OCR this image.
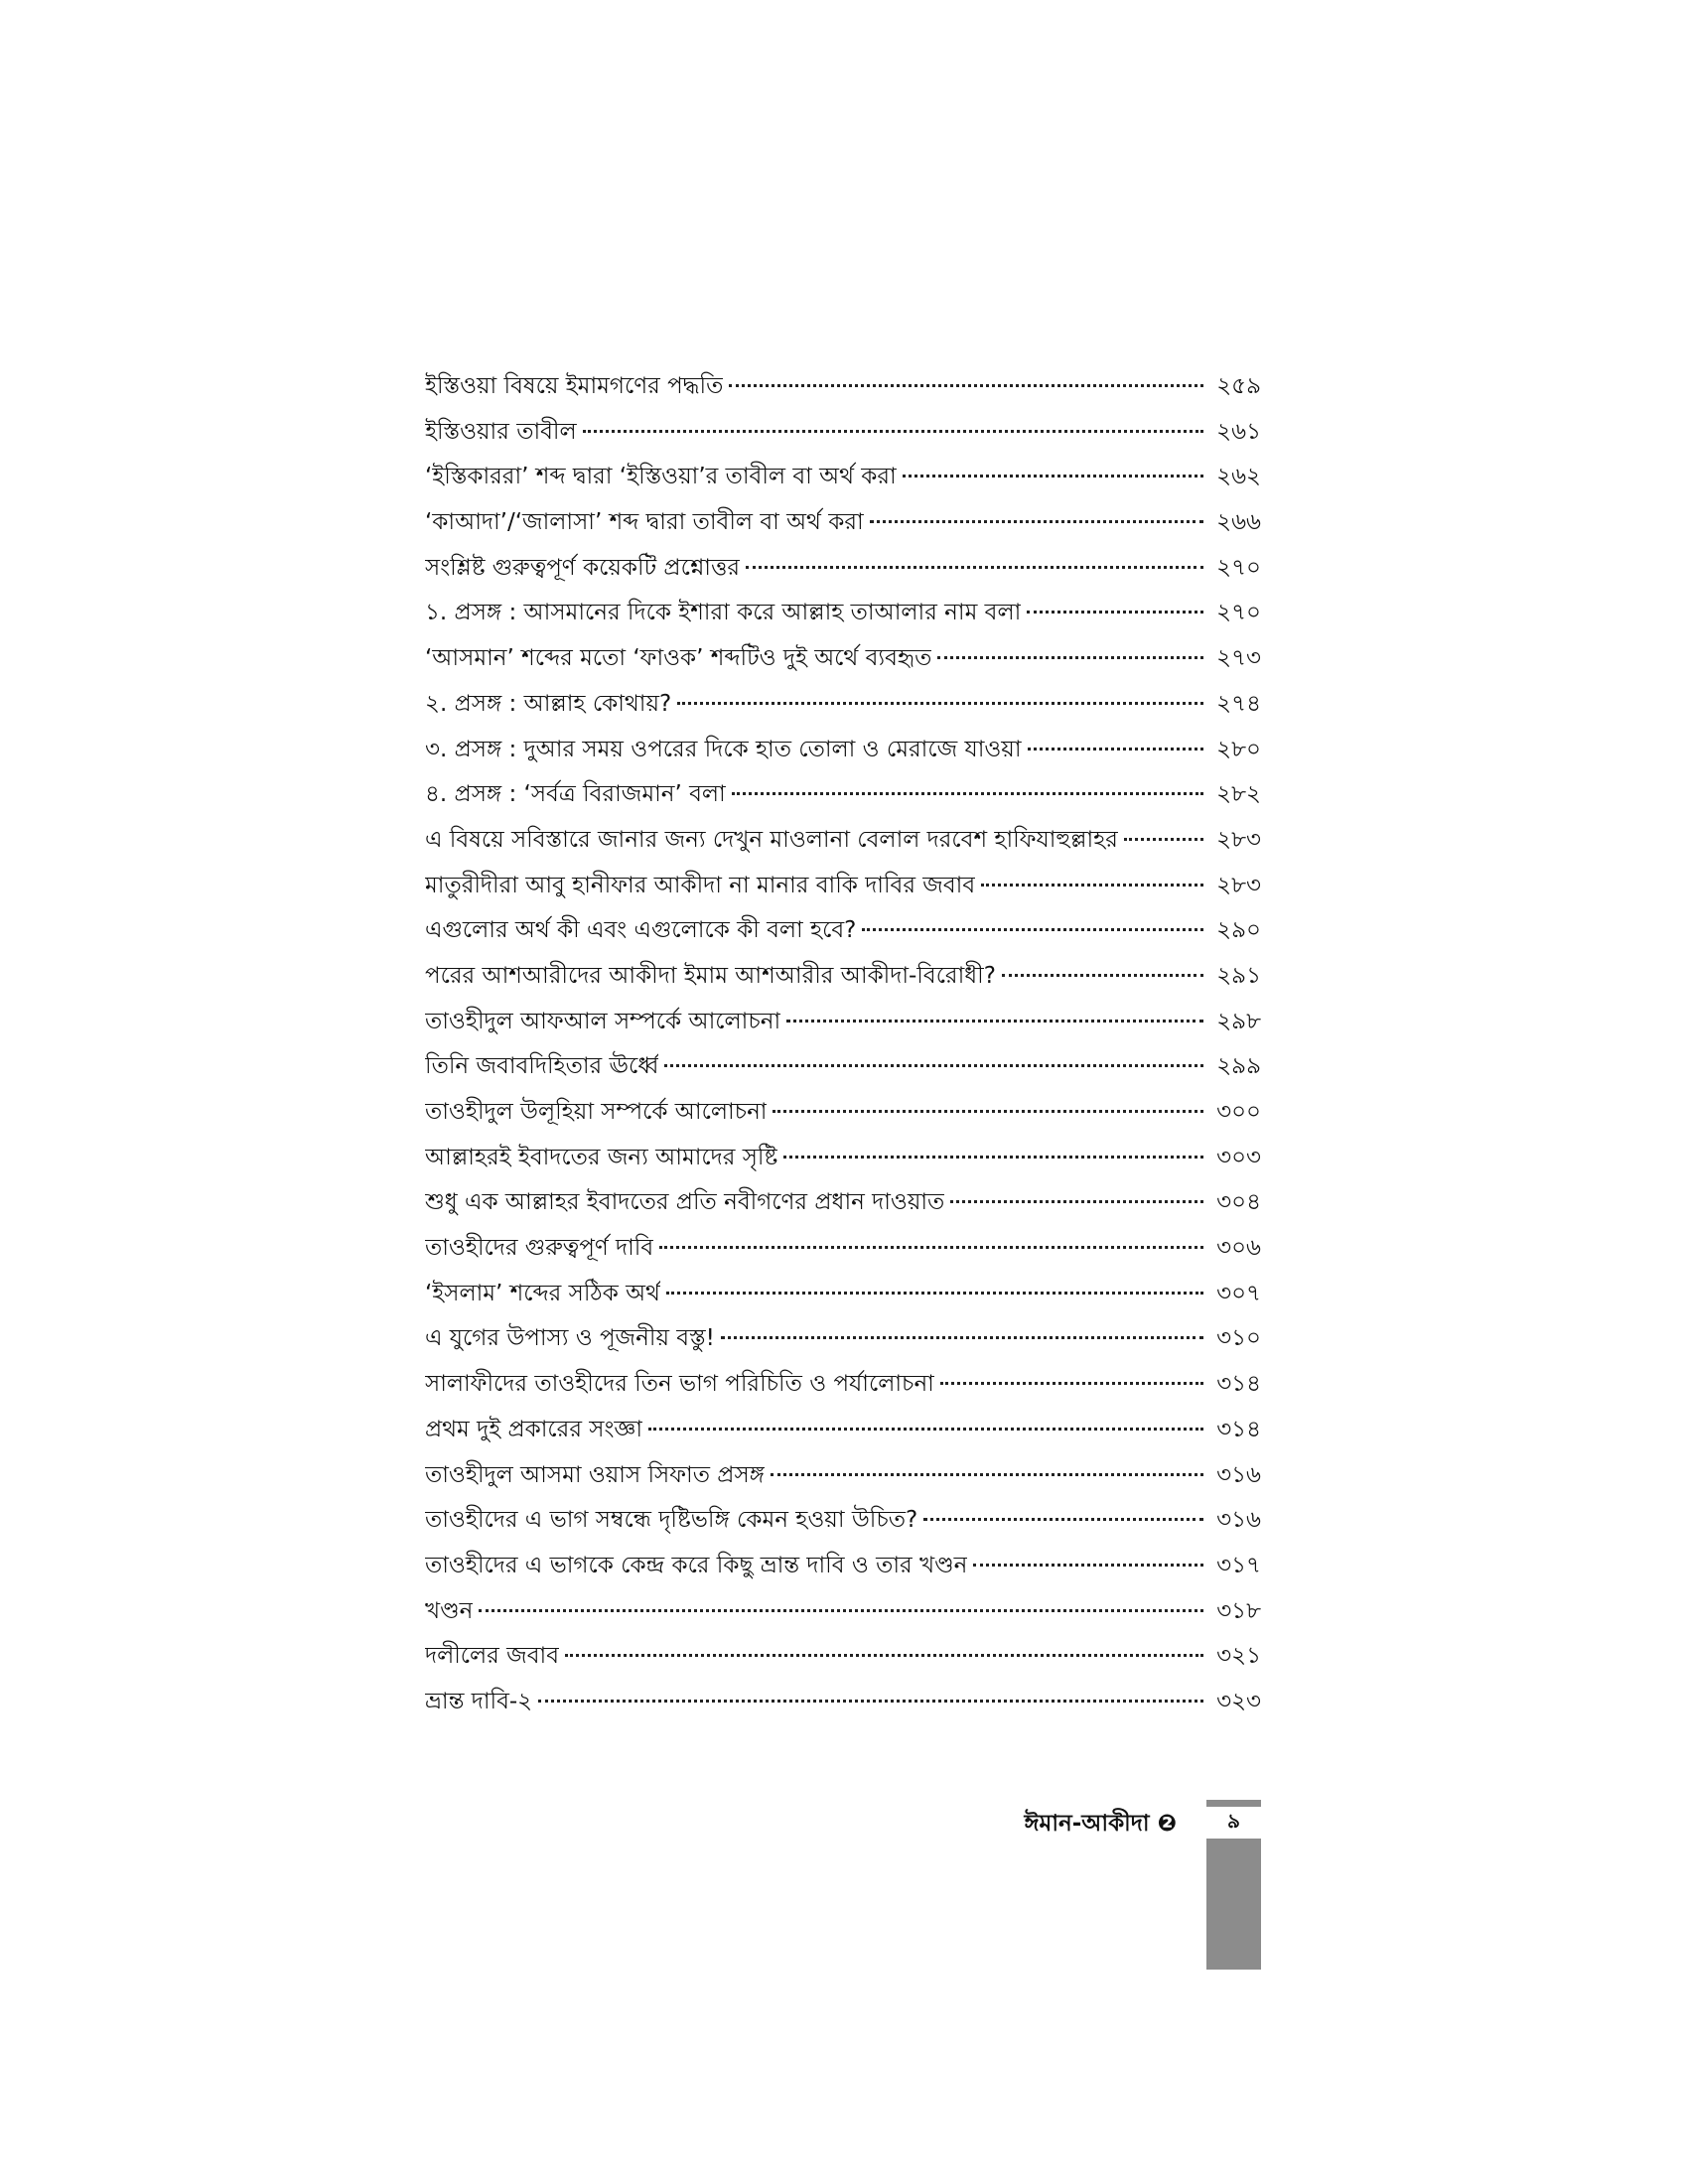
ইস্তিওয়া বিষয়ে ইমামগণের পদ্ধতি	২৫৯
ইস্তিওয়ার তাবীল	২৬১
‘ইস্তিকাররা’ শব্দ দ্বারা ‘ইস্তিওয়া’র তাবীল বা অর্থ করা	২৬২
‘কাআদা’/‘জালাসা’ শব্দ দ্বারা তাবীল বা অর্থ করা	২৬৬
সংশ্লিষ্ট গুরুত্বপূর্ণ কয়েকটি প্রশ্নোত্তর	২৭০
১. প্রসঙ্গ : আসমানের দিকে ইশারা করে আল্লাহ তাআলার নাম বলা	২৭০
‘আসমান’ শব্দের মতো ‘ফাওক’ শব্দটিও দুই অর্থে ব্যবহৃত	২৭৩
২. প্রসঙ্গ : আল্লাহ কোথায়?	২৭৪
৩. প্রসঙ্গ : দুআর সময় ওপরের দিকে হাত তোলা ও মেরাজে যাওয়া	২৮০
৪. প্রসঙ্গ : ‘সর্বত্র বিরাজমান’ বলা	২৮২
এ বিষয়ে সবিস্তারে জানার জন্য দেখুন মাওলানা বেলাল দরবেশ হাফিযাহুল্লাহর	২৮৩
মাতুরীদীরা আবু হানীফার আকীদা না মানার বাকি দাবির জবাব	২৮৩
এগুলোর অর্থ কী এবং এগুলোকে কী বলা হবে?	২৯০
পরের আশআরীদের আকীদা ইমাম আশআরীর আকীদা-বিরোধী?	২৯১
তাওহীদুল আফআল সম্পর্কে আলোচনা	২৯৮
তিনি জবাবদিহিতার ঊর্ধ্বে	২৯৯
তাওহীদুল উলূহিয়া সম্পর্কে আলোচনা	৩০০
আল্লাহরই ইবাদতের জন্য আমাদের সৃষ্টি	৩০৩
শুধু এক আল্লাহর ইবাদতের প্রতি নবীগণের প্রধান দাওয়াত	৩০৪
তাওহীদের গুরুত্বপূর্ণ দাবি	৩০৬
‘ইসলাম’ শব্দের সঠিক অর্থ	৩০৭
এ যুগের উপাস্য ও পূজনীয় বস্তু!	৩১০
সালাফীদের তাওহীদের তিন ভাগ পরিচিতি ও পর্যালোচনা	৩১৪
প্রথম দুই প্রকারের সংজ্ঞা	৩১৪
তাওহীদুল আসমা ওয়াস সিফাত প্রসঙ্গ	৩১৬
তাওহীদের এ ভাগ সম্বন্ধে দৃষ্টিভঙ্গি কেমন হওয়া উচিত?	৩১৬
তাওহীদের এ ভাগকে কেন্দ্র করে কিছু ভ্রান্ত দাবি ও তার খণ্ডন	৩১৭
খণ্ডন	৩১৮
দলীলের জবাব	৩২১
ভ্রান্ত দাবি-২	৩২৩
ঈমান-আকীদা ❷	৯
